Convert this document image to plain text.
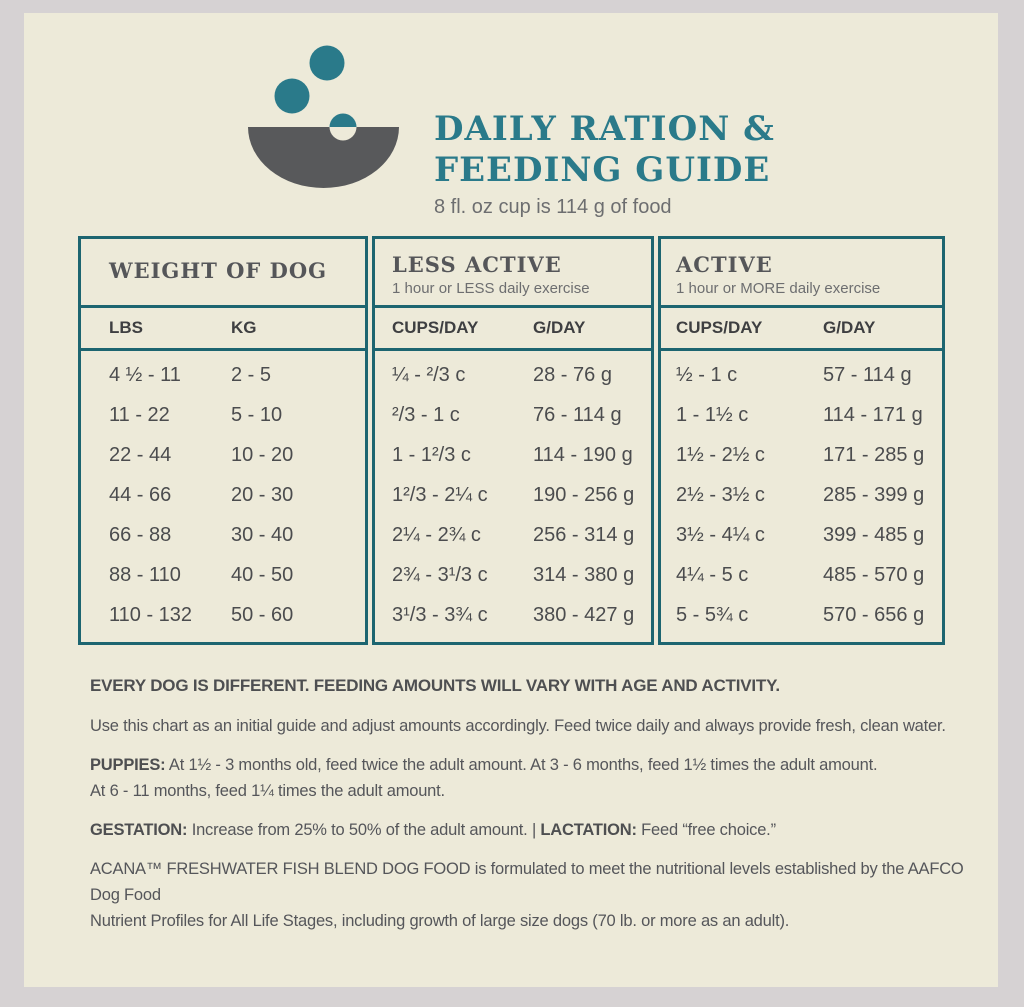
DAILY RATION &
FEEDING GUIDE
8 fl. oz cup is 114 g of food
WEIGHT OF DOG
LBS	KG
4 ½ - 11	2 - 5
11 - 22	5 - 10
22 - 44	10 - 20
44 - 66	20 - 30
66 - 88	30 - 40
88 - 110	40 - 50
110 - 132	50 - 60
LESS ACTIVE
1 hour or LESS daily exercise
CUPS/DAY	G/DAY
¼ - ²/3 c	28 - 76 g
²/3 - 1 c	76 - 114 g
1 - 1²/3 c	114 - 190 g
1²/3 - 2¼ c	190 - 256 g
2¼ - 2¾ c	256 - 314 g
2¾ - 3¹/3 c	314 - 380 g
3¹/3 - 3¾ c	380 - 427 g
ACTIVE
1 hour or MORE daily exercise
CUPS/DAY	G/DAY
½ - 1 c	57 - 114 g
1 - 1½ c	114 - 171 g
1½ - 2½ c	171 - 285 g
2½ - 3½ c	285 - 399 g
3½ - 4¼ c	399 - 485 g
4¼ - 5 c	485 - 570 g
5 - 5¾ c	570 - 656 g
EVERY DOG IS DIFFERENT. FEEDING AMOUNTS WILL VARY WITH AGE AND ACTIVITY.
Use this chart as an initial guide and adjust amounts accordingly. Feed twice daily and always provide fresh, clean water.
PUPPIES: At 1½ - 3 months old, feed twice the adult amount. At 3 - 6 months, feed 1½ times the adult amount.
At 6 - 11 months, feed 1¼ times the adult amount.
GESTATION: Increase from 25% to 50% of the adult amount. | LACTATION: Feed “free choice.”
ACANA™ FRESHWATER FISH BLEND DOG FOOD is formulated to meet the nutritional levels established by the AAFCO Dog Food
Nutrient Profiles for All Life Stages, including growth of large size dogs (70 lb. or more as an adult).
